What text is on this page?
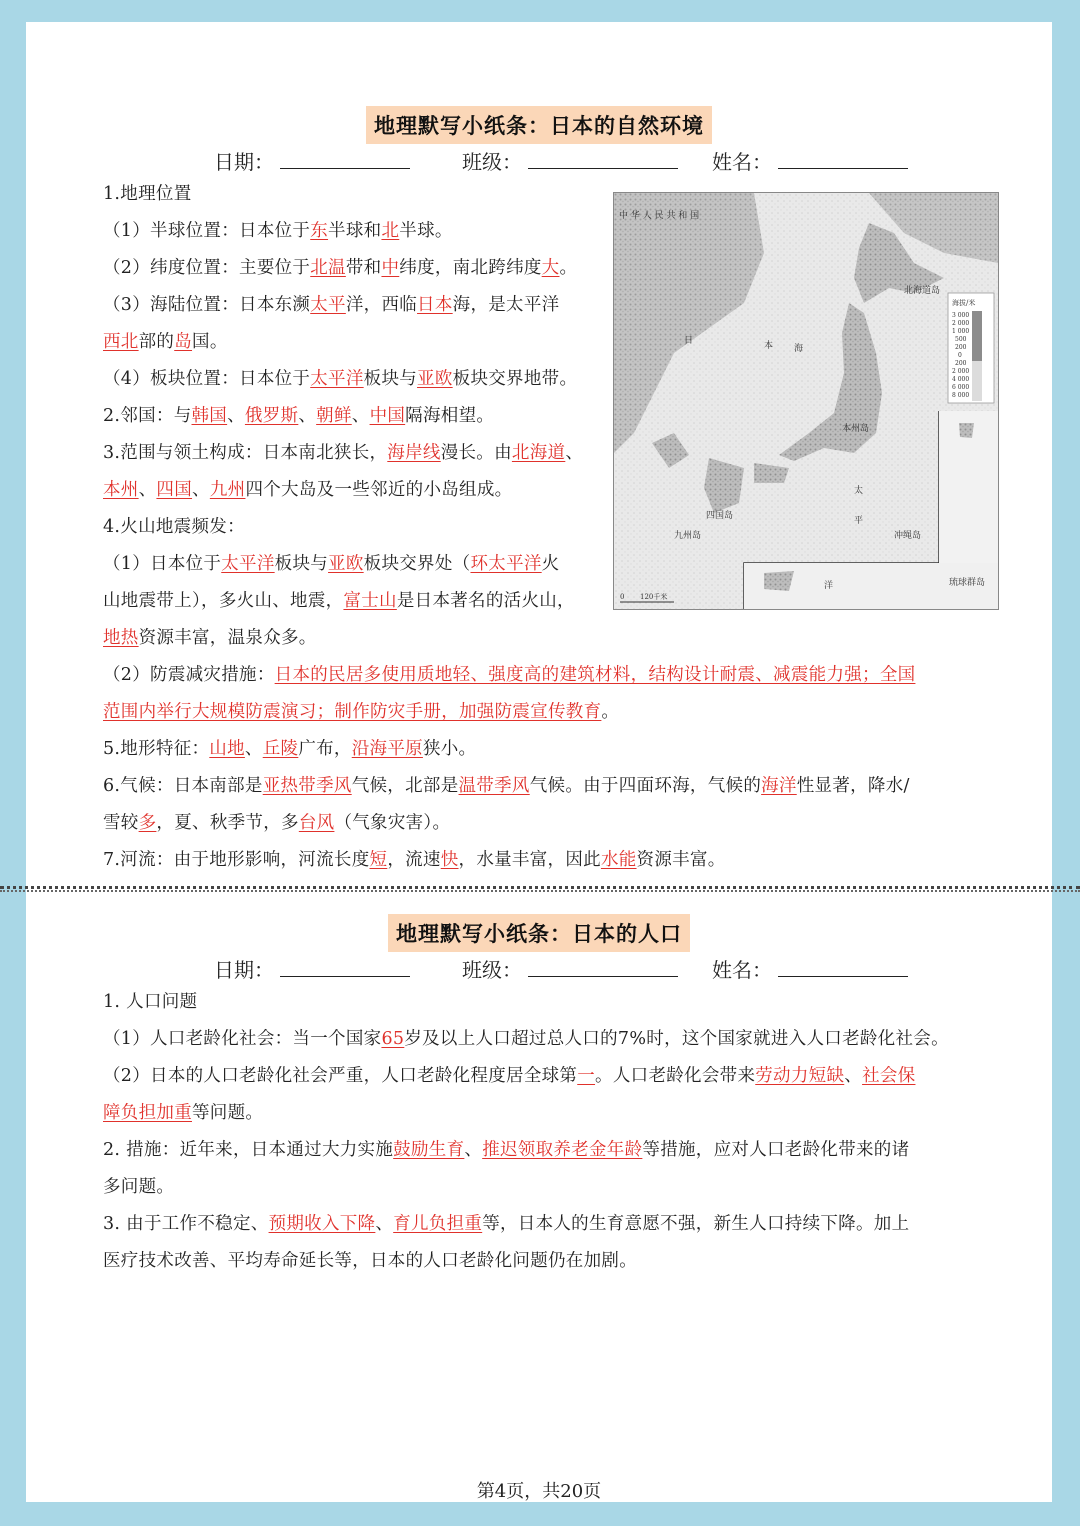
地理默写小纸条：日本的自然环境
日期：	班级：	姓名：
1.地理位置
（1）半球位置：日本位于东半球和北半球。
（2）纬度位置：主要位于北温带和中纬度，南北跨纬度大。
（3）海陆位置：日本东濒太平洋，西临日本海，是太平洋
西北部的岛国。
（4）板块位置：日本位于太平洋板块与亚欧板块交界地带。
2.邻国：与韩国、俄罗斯、朝鲜、中国隔海相望。
3.范围与领土构成：日本南北狭长，海岸线漫长。由北海道、
本州、四国、九州四个大岛及一些邻近的小岛组成。
4.火山地震频发：
（1）日本位于太平洋板块与亚欧板块交界处（环太平洋火
山地震带上），多火山、地震，富士山是日本著名的活火山，
地热资源丰富，温泉众多。
（2）防震减灾措施：日本的民居多使用质地轻、强度高的建筑材料，结构设计耐震、减震能力强；全国
范围内举行大规模防震演习；制作防灾手册，加强防震宣传教育。
5.地形特征：山地、丘陵广布，沿海平原狭小。
6.气候：日本南部是亚热带季风气候，北部是温带季风气候。由于四面环海，气候的海洋性显著，降水/
雪较多，夏、秋季节，多台风（气象灾害）。
7.河流：由于地形影响，河流长度短，流速快，水量丰富，因此水能资源丰富。
海拔/米
3 000
2 000
1 000
500
200
0
200
2 000
4 000
6 000
8 000
中 华 人 民 共 和 国
日	本 海
太
平
洋
北海道岛
本州岛
四国岛
九州岛	冲绳岛
琉球群岛
0 120千米
地理默写小纸条：日本的人口
日期：	班级：	姓名：
1. 人口问题
（1）人口老龄化社会：当一个国家65岁及以上人口超过总人口的7%时，这个国家就进入人口老龄化社会。
（2）日本的人口老龄化社会严重，人口老龄化程度居全球第一。人口老龄化会带来劳动力短缺、社会保
障负担加重等问题。
2. 措施：近年来，日本通过大力实施鼓励生育、推迟领取养老金年龄等措施，应对人口老龄化带来的诸
多问题。
3. 由于工作不稳定、预期收入下降、育儿负担重等，日本人的生育意愿不强，新生人口持续下降。加上
医疗技术改善、平均寿命延长等，日本的人口老龄化问题仍在加剧。
第4页，共20页
